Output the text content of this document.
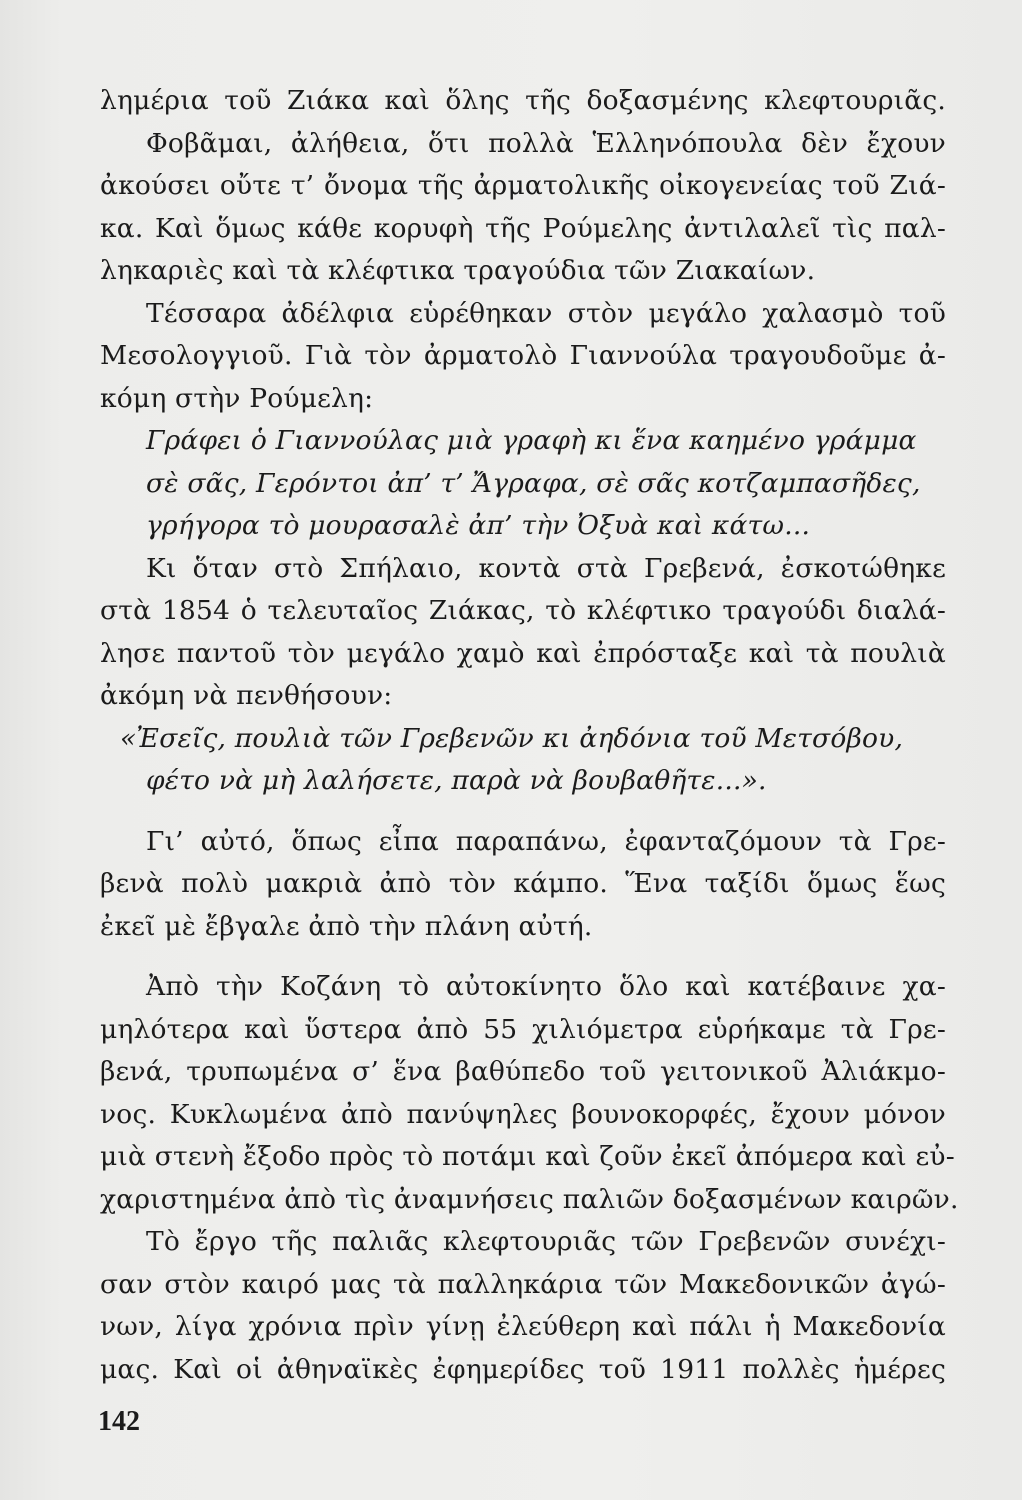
λημέρια τοῦ Ζιάκα καὶ ὅλης τῆς δοξασμένης κλεφτουριᾶς.
Φοβᾶμαι, ἀλήθεια, ὅτι πολλὰ Ἑλληνόπουλα δὲν ἔχουν
ἀκούσει οὔτε τ’ ὄνομα τῆς ἀρματολικῆς οἰκογενείας τοῦ Ζιά-
κα. Καὶ ὅμως κάθε κορυφὴ τῆς Ρούμελης ἀντιλαλεῖ τὶς παλ-
ληκαριὲς καὶ τὰ κλέφτικα τραγούδια τῶν Ζιακαίων.
Τέσσαρα ἀδέλφια εὑρέθηκαν στὸν μεγάλο χαλασμὸ τοῦ
Μεσολογγιοῦ. Γιὰ τὸν ἀρματολὸ Γιαννούλα τραγουδοῦμε ἀ-
κόμη στὴν Ρούμελη:
Γράφει ὁ Γιαννούλας μιὰ γραφὴ κι ἕνα καημένο γράμμα
σὲ σᾶς, Γερόντοι ἀπ’ τ’ Ἄγραφα, σὲ σᾶς κοτζαμπασῆδες,
γρήγορα τὸ μουρασαλὲ ἀπ’ τὴν Ὀξυὰ καὶ κάτω...
Κι ὅταν στὸ Σπήλαιο, κοντὰ στὰ Γρεβενά, ἐσκοτώθηκε
στὰ 1854 ὁ τελευταῖος Ζιάκας, τὸ κλέφτικο τραγούδι διαλά-
λησε παντοῦ τὸν μεγάλο χαμὸ καὶ ἐπρόσταξε καὶ τὰ πουλιὰ
ἀκόμη νὰ πενθήσουν:
«Ἐσεῖς, πουλιὰ τῶν Γρεβενῶν κι ἀηδόνια τοῦ Μετσόβου,
φέτο νὰ μὴ λαλήσετε, παρὰ νὰ βουβαθῆτε...».
Γι’ αὐτό, ὅπως εἶπα παραπάνω, ἐφανταζόμουν τὰ Γρε-
βενὰ πολὺ μακριὰ ἀπὸ τὸν κάμπο. Ἕνα ταξίδι ὅμως ἕως
ἐκεῖ μὲ ἔβγαλε ἀπὸ τὴν πλάνη αὐτή.
Ἀπὸ τὴν Κοζάνη τὸ αὐτοκίνητο ὅλο καὶ κατέβαινε χα-
μηλότερα καὶ ὕστερα ἀπὸ 55 χιλιόμετρα εὑρήκαμε τὰ Γρε-
βενά, τρυπωμένα σ’ ἕνα βαθύπεδο τοῦ γειτονικοῦ Ἀλιάκμο-
νος. Κυκλωμένα ἀπὸ πανύψηλες βουνοκορφές, ἔχουν μόνον
μιὰ στενὴ ἔξοδο πρὸς τὸ ποτάμι καὶ ζοῦν ἐκεῖ ἀπόμερα καὶ εὐ-
χαριστημένα ἀπὸ τὶς ἀναμνήσεις παλιῶν δοξασμένων καιρῶν.
Τὸ ἔργο τῆς παλιᾶς κλεφτουριᾶς τῶν Γρεβενῶν συνέχι-
σαν στὸν καιρό μας τὰ παλληκάρια τῶν Μακεδονικῶν ἀγώ-
νων, λίγα χρόνια πρὶν γίνῃ ἐλεύθερη καὶ πάλι ἡ Μακεδονία
μας. Καὶ οἱ ἀθηναϊκὲς ἐφημερίδες τοῦ 1911 πολλὲς ἡμέρες
142
